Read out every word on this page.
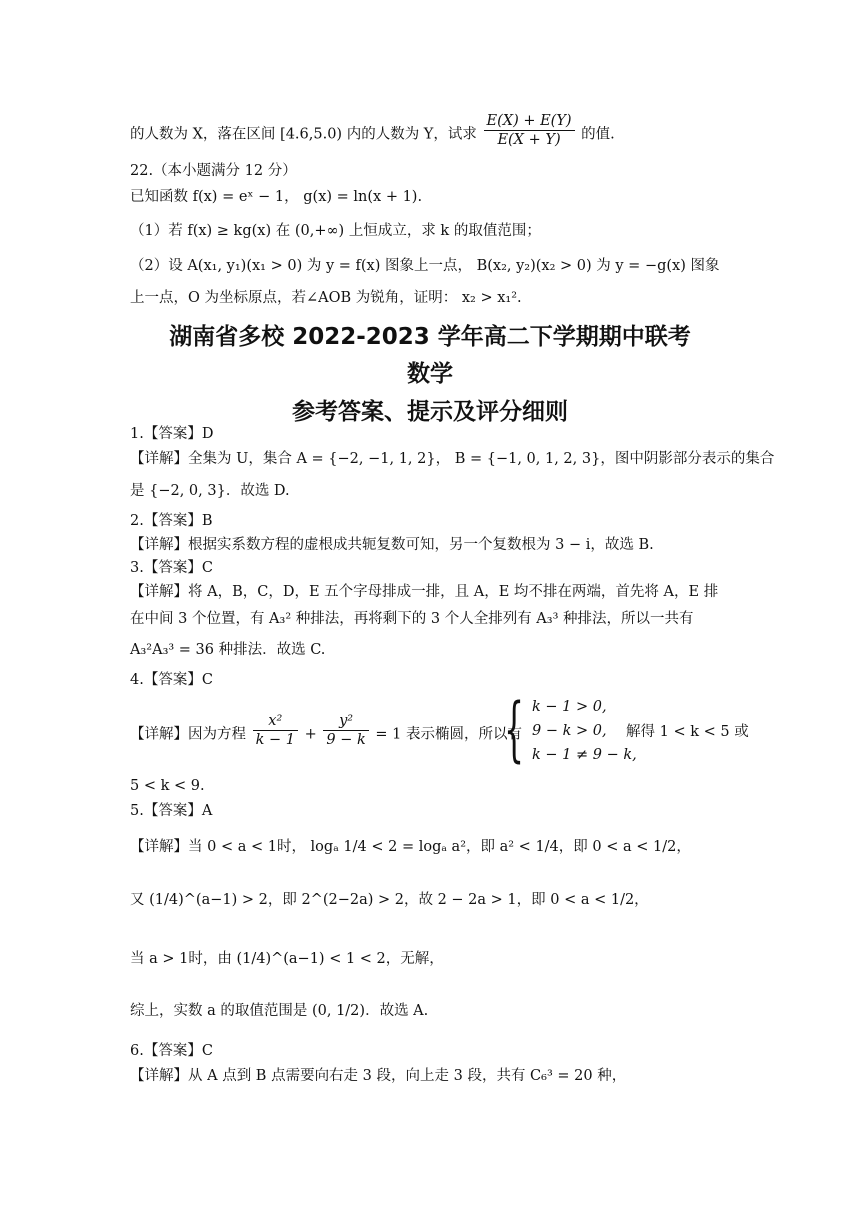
的人数为 X，落在区间 [4.6,5.0) 内的人数为 Y，试求 $\frac{E(X) + E(Y)}{E(X + Y)}$ 的值.
22.（本小题满分 12 分）
已知函数 f(x) = eˣ − 1， g(x) = ln(x + 1).
（1）若 f(x) ≥ kg(x) 在 (0,+∞) 上恒成立，求 k 的取值范围；
（2）设 A(x₁, y₁)(x₁ > 0) 为 y = f(x) 图象上一点， B(x₂, y₂)(x₂ > 0) 为 y = −g(x) 图象
上一点，O 为坐标原点，若∠AOB 为锐角，证明： x₂ > x₁².
湖南省多校 2022-2023 学年高二下学期期中联考
数学
参考答案、提示及评分细则
1.【答案】D
【详解】全集为 U，集合 A = {−2, −1, 1, 2}， B = {−1, 0, 1, 2, 3}，图中阴影部分表示的集合
是 {−2, 0, 3}．故选 D.
2.【答案】B
【详解】根据实系数方程的虚根成共轭复数可知，另一个复数根为 3 − i，故选 B.
3.【答案】C
【详解】将 A，B，C，D，E 五个字母排成一排，且 A，E 均不排在两端，首先将 A，E 排
在中间 3 个位置，有 A₃² 种排法，再将剩下的 3 个人全排列有 A₃³ 种排法，所以一共有
A₃²A₃³ = 36 种排法．故选 C.
4.【答案】C
【详解】因为方程 $\frac{\text{x²}}{k - 1} + \frac{\text{y²}}{9 - k} = 1$ 表示椭圆，所以有
{ k − 1 > 0,
9 − k > 0,
k − 1 ≠ 9 − k,
解得 1 < k < 5 或
5 < k < 9.
5.【答案】A
【详解】当 0 < a < 1时， logₐ 1/4 < 2 = logₐ a²，即 a² < 1/4，即 0 < a < 1/2，
又 (1/4)^(a−1) > 2，即 2^(2−2a) > 2，故 2 − 2a > 1，即 0 < a < 1/2，
当 a > 1时，由 (1/4)^(a−1) < 1 < 2，无解，
综上，实数 a 的取值范围是 (0, 1/2)．故选 A.
6.【答案】C
【详解】从 A 点到 B 点需要向右走 3 段，向上走 3 段，共有 C₆³ = 20 种，
